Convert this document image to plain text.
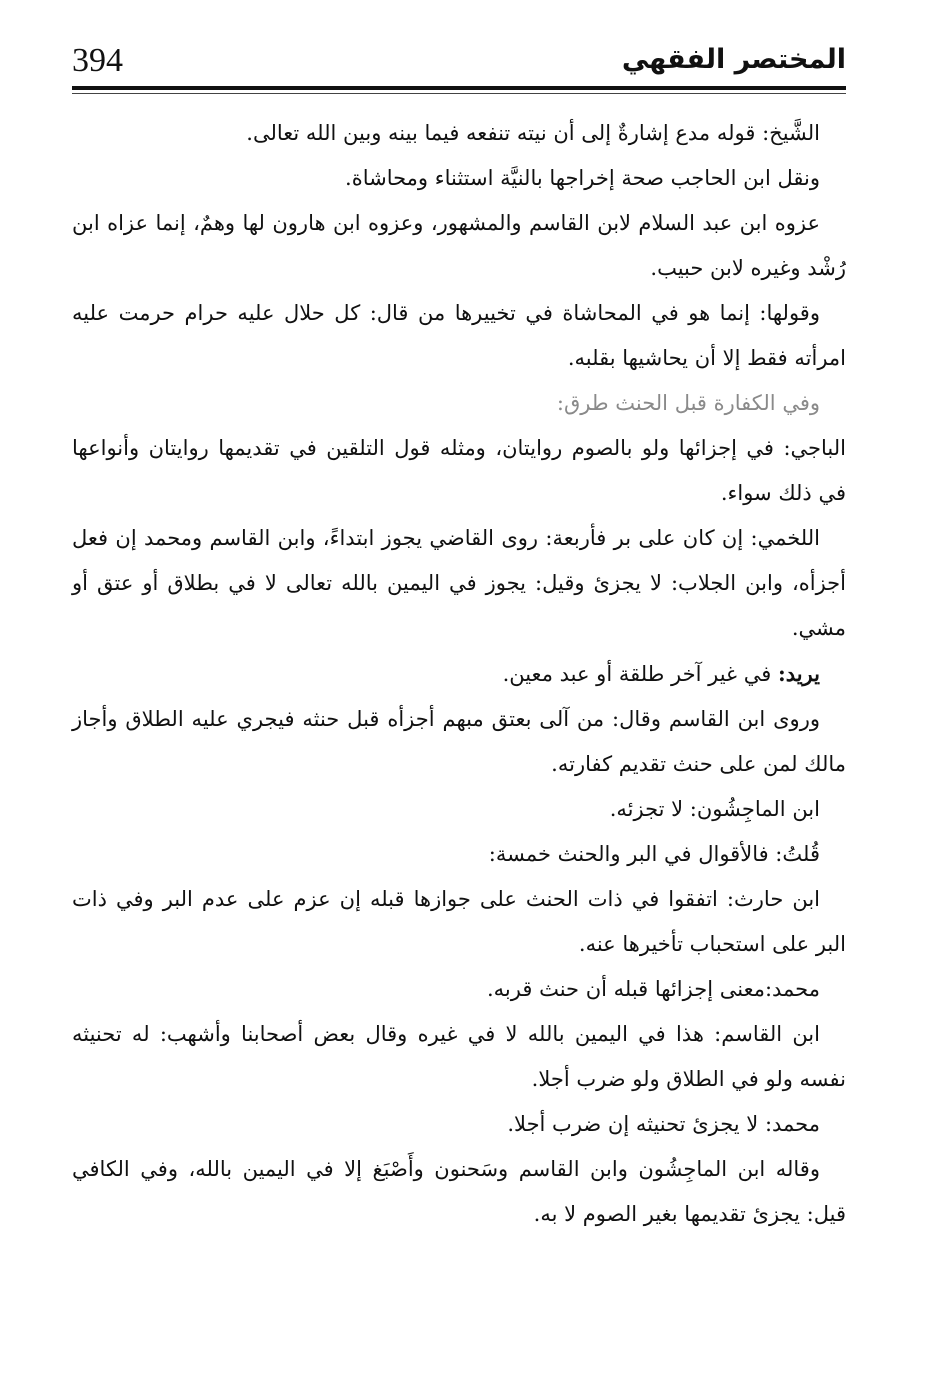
394	المختصر الفقهي

الشَّيخ: قوله مدع إشارةٌ إلى أن نيته تنفعه فيما بينه وبين الله تعالى.

ونقل ابن الحاجب صحة إخراجها بالنيَّة استثناء ومحاشاة.

عزوه ابن عبد السلام لابن القاسم والمشهور، وعزوه ابن هارون لها وهمٌ، إنما عزاه ابن رُشْد وغيره لابن حبيب.

وقولها: إنما هو في المحاشاة في تخييرها من قال: كل حلال عليه حرام حرمت عليه امرأته فقط إلا أن يحاشيها بقلبه.

وفي الكفارة قبل الحنث طرق:

الباجي: في إجزائها ولو بالصوم روايتان، ومثله قول التلقين في تقديمها روايتان وأنواعها في ذلك سواء.

اللخمي: إن كان على بر فأربعة: روى القاضي يجوز ابتداءً، وابن القاسم ومحمد إن فعل أجزأه، وابن الجلاب: لا يجزئ وقيل: يجوز في اليمين بالله تعالى لا في بطلاق أو عتق أو مشي.

يريد: في غير آخر طلقة أو عبد معين.

وروى ابن القاسم وقال: من آلى بعتق مبهم أجزأه قبل حنثه فيجري عليه الطلاق وأجاز مالك لمن على حنث تقديم كفارته.

ابن الماجِشُون: لا تجزئه.

قُلتُ: فالأقوال في البر والحنث خمسة:

ابن حارث: اتفقوا في ذات الحنث على جوازها قبله إن عزم على عدم البر وفي ذات البر على استحباب تأخيرها عنه.

محمد:معنى إجزائها قبله أن حنث قربه.

ابن القاسم: هذا في اليمين بالله لا في غيره وقال بعض أصحابنا وأشهب: له تحنيثه نفسه ولو في الطلاق ولو ضرب أجلا.

محمد: لا يجزئ تحنيثه إن ضرب أجلا.

وقاله ابن الماجِشُون وابن القاسم وسَحنون وأَصْبَغ إلا في اليمين بالله، وفي الكافي قيل: يجزئ تقديمها بغير الصوم لا به.
